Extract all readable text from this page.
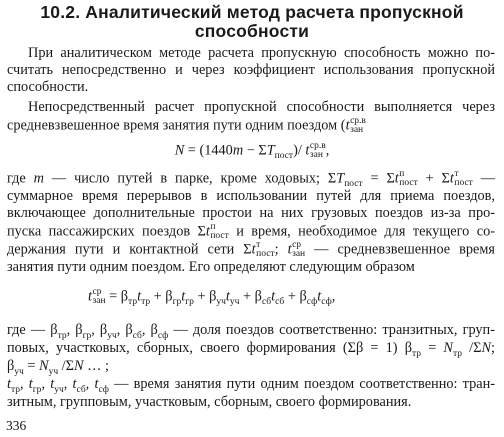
10.2. Аналитический метод расчета пропускной
способности
При аналитическом методе расчета пропускную способность можно по-
считать непосредственно и через коэффициент использования пропускной
способности.
Непосредственный расчет пропускной способности выполняется через
средневзвешенное время занятия пути одним поездом (t ср.в
зан
$N = (1440m - \Sigma T_{пост})/$ t ср.в
зан ,
где m — число путей в парке, кроме ходовых; $\Sigma T_{пост} = \Sigma t$ п
пост + Σt т
пост —
суммарное время перерывов в использовании путей для приема поездов,
включающее дополнительные простои на них грузовых поездов из-за про-
пуска пассажирских поездов Σt п
пост и время, необходимое для текущего со-
держания пути и контактной сети Σt т
пост ; t ср
зан — средневзвешенное время
занятия пути одним поездом. Его определяют следующим образом
t ср
зан = $\beta_{тр}t_{тр} + \beta_{гр}t_{гр} + \beta_{уч}t_{уч} + \beta_{сб}t_{сб} + \beta_{сф}t_{сф}$,
где — $\beta_{тр}$, $\beta_{гр}$, $\beta_{уч}$, $\beta_{сб}$, $\beta_{сф}$ — доля поездов соответственно: транзитных, груп-
повых, участковых, сборных, своего формирования (Σβ = 1) $\beta_{тр} = N_{тр}$ /ΣN;
$\beta_{уч} = N_{уч}$ /ΣN … ;
$t_{тр}$, $t_{гр}$, $t_{уч}$, $t_{сб}$, $t_{сф}$ — время занятия пути одним поездом соответственно: тран-
зитным, групповым, участковым, сборным, своего формирования.
336
